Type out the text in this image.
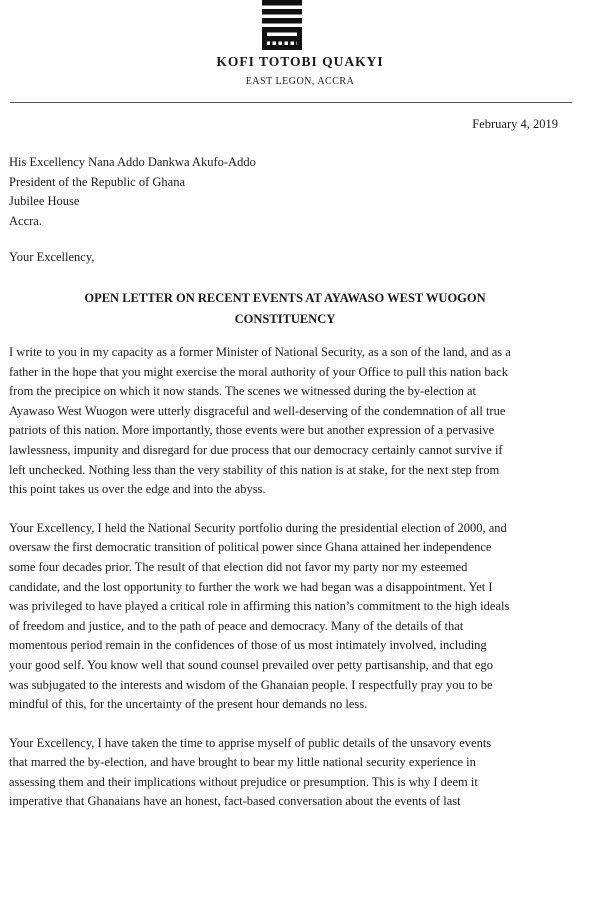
KOFI TOTOBI QUAKYI
EAST LEGON, ACCRA
February 4, 2019
His Excellency Nana Addo Dankwa Akufo-Addo
President of the Republic of Ghana
Jubilee House
Accra.
Your Excellency,
OPEN LETTER ON RECENT EVENTS AT AYAWASO WEST WUOGON
CONSTITUENCY
I write to you in my capacity as a former Minister of National Security, as a son of the land, and as a
father in the hope that you might exercise the moral authority of your Office to pull this nation back
from the precipice on which it now stands. The scenes we witnessed during the by-election at
Ayawaso West Wuogon were utterly disgraceful and well-deserving of the condemnation of all true
patriots of this nation. More importantly, those events were but another expression of a pervasive
lawlessness, impunity and disregard for due process that our democracy certainly cannot survive if
left unchecked. Nothing less than the very stability of this nation is at stake, for the next step from
this point takes us over the edge and into the abyss.
Your Excellency, I held the National Security portfolio during the presidential election of 2000, and
oversaw the first democratic transition of political power since Ghana attained her independence
some four decades prior. The result of that election did not favor my party nor my esteemed
candidate, and the lost opportunity to further the work we had began was a disappointment. Yet I
was privileged to have played a critical role in affirming this nation’s commitment to the high ideals
of freedom and justice, and to the path of peace and democracy. Many of the details of that
momentous period remain in the confidences of those of us most intimately involved, including
your good self. You know well that sound counsel prevailed over petty partisanship, and that ego
was subjugated to the interests and wisdom of the Ghanaian people. I respectfully pray you to be
mindful of this, for the uncertainty of the present hour demands no less.
Your Excellency, I have taken the time to apprise myself of public details of the unsavory events
that marred the by-election, and have brought to bear my little national security experience in
assessing them and their implications without prejudice or presumption. This is why I deem it
imperative that Ghanaians have an honest, fact-based conversation about the events of last
